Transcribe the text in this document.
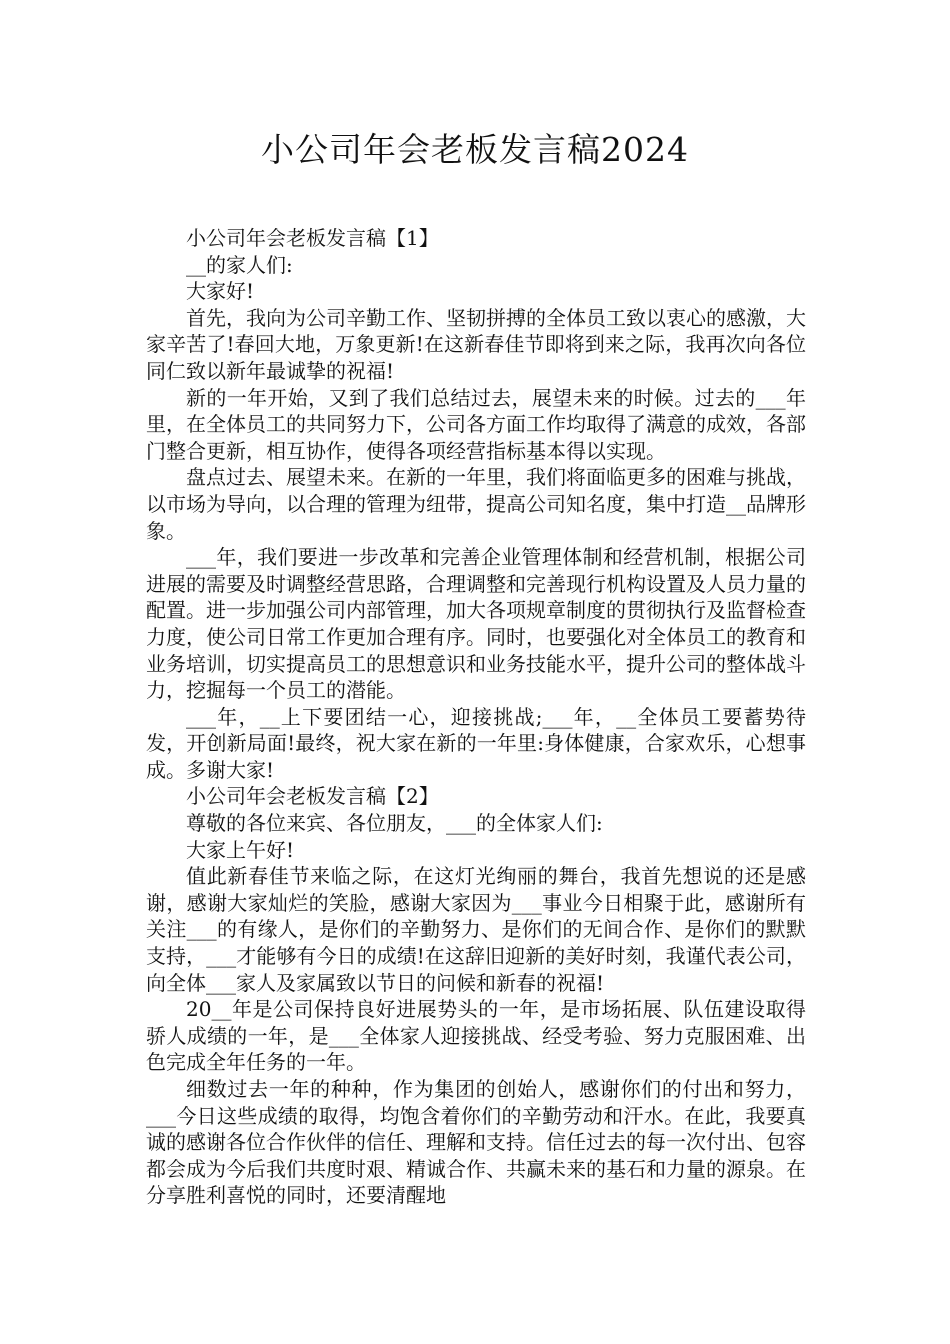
小公司年会老板发言稿2024

小公司年会老板发言稿【1】

__的家人们:

大家好!

首先，我向为公司辛勤工作、坚韧拼搏的全体员工致以衷心的感激，大家辛苦了!春回大地，万象更新!在这新春佳节即将到来之际，我再次向各位同仁致以新年最诚挚的祝福!

新的一年开始，又到了我们总结过去，展望未来的时候。过去的___年里，在全体员工的共同努力下，公司各方面工作均取得了满意的成效，各部门整合更新，相互协作，使得各项经营指标基本得以实现。

盘点过去、展望未来。在新的一年里，我们将面临更多的困难与挑战，以市场为导向，以合理的管理为纽带，提高公司知名度，集中打造__品牌形象。

___年，我们要进一步改革和完善企业管理体制和经营机制，根据公司进展的需要及时调整经营思路，合理调整和完善现行机构设置及人员力量的配置。进一步加强公司内部管理，加大各项规章制度的贯彻执行及监督检查力度，使公司日常工作更加合理有序。同时，也要强化对全体员工的教育和业务培训，切实提高员工的思想意识和业务技能水平，提升公司的整体战斗力，挖掘每一个员工的潜能。

___年，__上下要团结一心，迎接挑战;___年，__全体员工要蓄势待发，开创新局面!最终，祝大家在新的一年里:身体健康，合家欢乐，心想事成。多谢大家!

小公司年会老板发言稿【2】

尊敬的各位来宾、各位朋友，___的全体家人们:

大家上午好!

值此新春佳节来临之际，在这灯光绚丽的舞台，我首先想说的还是感谢，感谢大家灿烂的笑脸，感谢大家因为___事业今日相聚于此，感谢所有关注___的有缘人，是你们的辛勤努力、是你们的无间合作、是你们的默默支持，___才能够有今日的成绩!在这辞旧迎新的美好时刻，我谨代表公司，向全体___家人及家属致以节日的问候和新春的祝福!

20__年是公司保持良好进展势头的一年，是市场拓展、队伍建设取得骄人成绩的一年，是___全体家人迎接挑战、经受考验、努力克服困难、出色完成全年任务的一年。

细数过去一年的种种，作为集团的创始人，感谢你们的付出和努力，___今日这些成绩的取得，均饱含着你们的辛勤劳动和汗水。在此，我要真诚的感谢各位合作伙伴的信任、理解和支持。信任过去的每一次付出、包容都会成为今后我们共度时艰、精诚合作、共赢未来的基石和力量的源泉。在分享胜利喜悦的同时，还要清醒地
